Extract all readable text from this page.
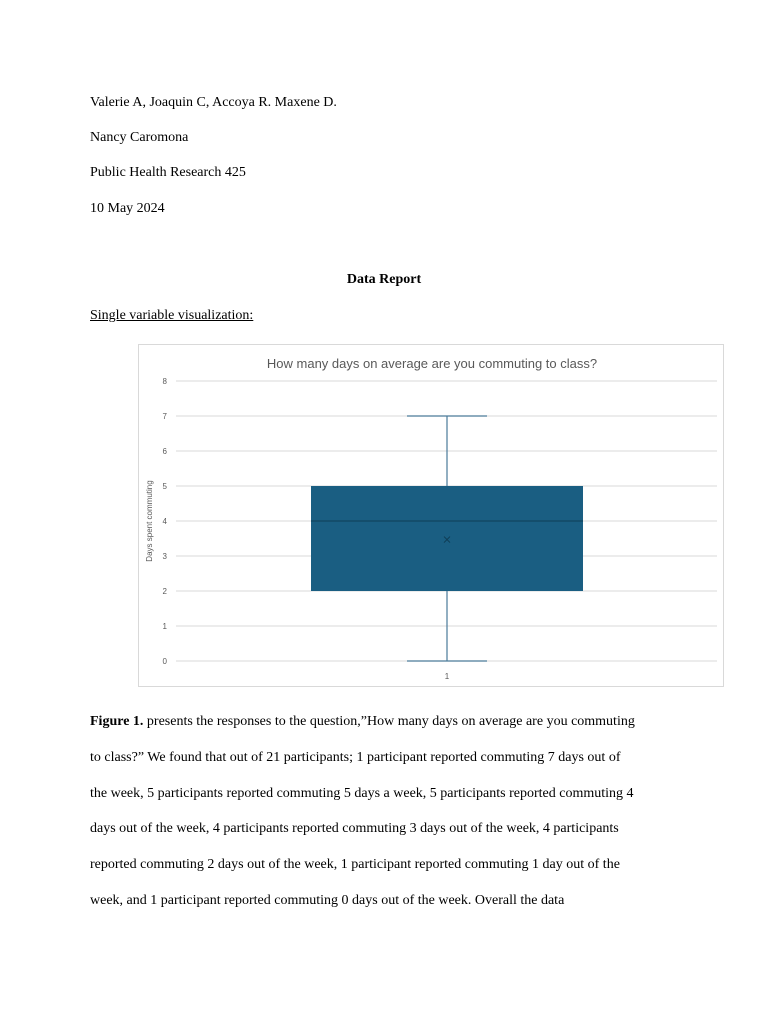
Valerie A, Joaquin C, Accoya R. Maxene D.
Nancy Caromona
Public Health Research 425
10 May 2024
Data Report
Single variable visualization:
How many days on average are you commuting to class?
Days spent commuting
0
1
2
3
4
5
6
7
8
1
Figure 1. presents the responses to the question,”How many days on average are you commuting
to class?” We found that out of 21 participants; 1 participant reported commuting 7 days out of
the week, 5 participants reported commuting 5 days a week, 5 participants reported commuting 4
days out of the week, 4 participants reported commuting 3 days out of the week, 4 participants
reported commuting 2 days out of the week, 1 participant reported commuting 1 day out of the
week, and 1 participant reported commuting 0 days out of the week. Overall the data
